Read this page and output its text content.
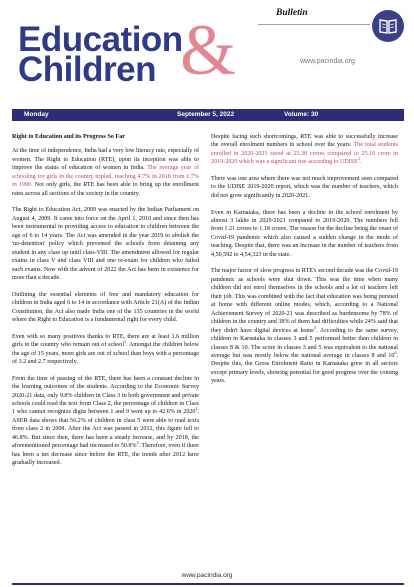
Education
Children &	Bulletin
www.pacindia.org
Monday	September 5, 2022	Volume: 30
Right to Education and its Progress So Far

At the time of independence, India had a very low literacy rate, especially of women. The Right to Education (RTE), upon its inception was able to improve the status of education of women in India. The average year of schooling for girls in the country tripled, reaching 4.7% in 2018 from 1.7% in 1990. Not only girls, the RTE has been able to bring up the enrollment rates across all sections of the society in the country.

The Right to Education Act, 2009 was enacted by the Indian Parliament on August 4, 2009. It came into force on the April 1, 2010 and since then has been instrumental in providing access to education to children between the age of 6 to 14 years. The Act was amended in the year 2019 to abolish the 'no-detention' policy which prevented the schools from detaining any student in any class up until class-VIII. The amendment allowed for regular exams in class V and class VIII and one re-exam for children who failed such exams. Now with the advent of 2022 the Act has been in existence for more than a decade.

Outlining the essential elements of free and mandatory education for children in India aged 6 to 14 in accordance with Article 21(A) of the Indian Constitution, the Act also made India one of the 135 countries in the world where the Right to Education is a fundamental right for every child.

Even with so many positives thanks to RTE, there are at least 1.6 million girls in the country who remain out of school$^1$. Amongst the children below the age of 15 years, more girls are out of school than boys with a percentage of 3.2 and 2.7 respectively.

From the time of passing of the RTE, there has been a constant decline in the learning outcomes of the students. According to the Economic Survey 2020-21 data, only 9.8% children in Class 3 in both government and private schools could read the text from Class 2, the percentage of children in Class 1 who cannot recognize digits between 1 and 9 went up to 42.6% in 2020$^2$. ASER data shows that 56.2% of children in class 5 were able to read texts from class 2 in 2008. After the Act was passed in 2012, this figure fell to 46.8%. But since then, there has been a steady increase, and by 2018, the aforementioned percentage had increased to 50.8%$^3$. Therefore, even if there has been a net decrease since before the RTE, the trends after 2012 have gradually increased.

Despite facing such shortcomings, RTE was able to successfully increase the overall enrolment numbers in school over the years. The total students enrolled in 2020-2021 stood at 25.38 crores compared to 25.10 crore in 2019-2020 which was a significant rise according to UDISE$^4$.

There was one area where there was not much improvement seen compared to the UDISE 2019-2020 report, which was the number of teachers, which did not grow significantly in 2020-2021.

Even in Karnataka, there has been a decline in the school enrolment by almost 3 lakhs in 2020-2021 compared to 2019-2020. The numbers fell from 1.21 crores to 1.18 crores. The reason for the decline being the onset of Covid-19 pandemic which also caused a sudden change in the mode of teaching. Despite that, there was an increase in the number of teachers from 4,50,592 to 4,54,323 in the state.

The major factor of slow progress in RTE's second decade was the Covid-19 pandemic as schools were shut down. This was the time when many children did not enrol themselves in the schools and a lot of teachers left their job. This was combined with the fact that education was being pursued at home with different online modes, which, according to a National Achievement Survey of 2020-21 was described as burdensome by 78% of children in the country and 38% of them had difficulties while 24% said that they didn't have digital devices at home$^5$. According to the same survey, children in Karnataka in classes 3 and 5 performed better than children in classes 8 & 10. The score in classes 3 and 5 was equivalent to the national average but was mostly below the national average in classes 8 and $10^6$. Despite this, the Gross Enrolment Ratio in Karnataka grew in all sectors except primary levels, showing potential for good progress over the coming years.

www.pacindia.org
